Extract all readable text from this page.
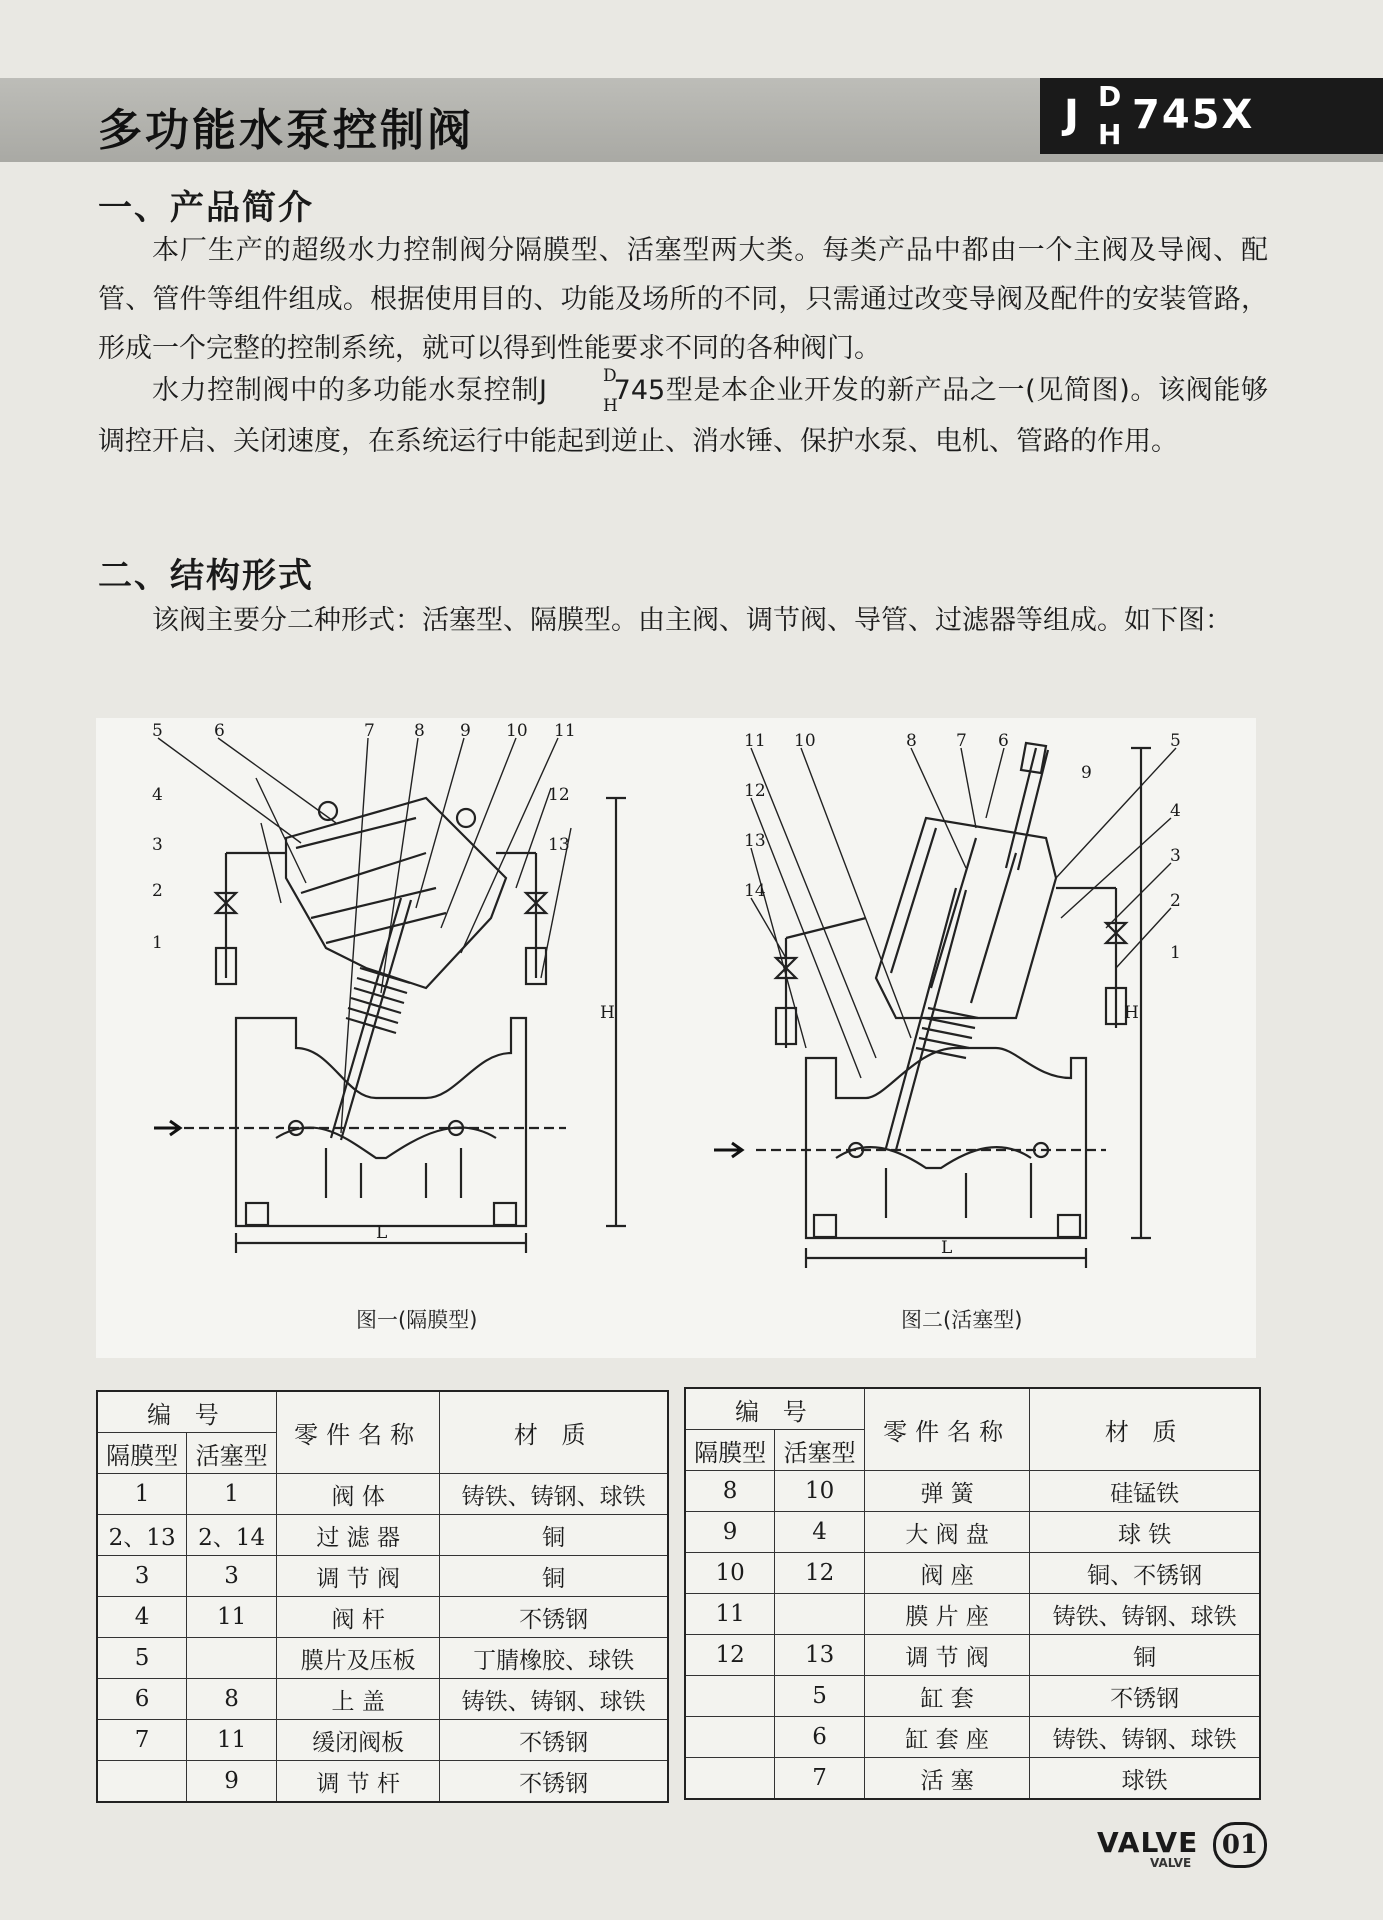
多功能水泵控制阀	J D
H 745X
一、产品简介

本厂生产的超级水力控制阀分隔膜型、活塞型两大类。每类产品中都由一个主阀及导阀、配管、管件等组件组成。根据使用目的、功能及场所的不同，只需通过改变导阀及配件的安装管路，形成一个完整的控制系统，就可以得到性能要求不同的各种阀门。

水力控制阀中的多功能水泵控制J	D
H
745型是本企业开发的新产品之一(见简图)。该阀能够调控开启、关闭速度，在系统运行中能起到逆止、消水锤、保护水泵、电机、管路的作用。

二、结构形式

该阀主要分二种形式：活塞型、隔膜型。由主阀、调节阀、导管、过滤器等组成。如下图：

5	6	7 8 9 10 11
4	12
3	13
2
1
L
H
11 10	8 7 6	5
12
9
4
13
3
14	2
1
L
H
图一(隔膜型)	图二(活塞型)
编 号		零件名称	材 质
隔膜型	活塞型		
1	1	阀 体	铸铁、铸钢、球铁
2、13	2、14	过 滤 器	铜
3	3	调 节 阀	铜
4	11	阀 杆	不锈钢
5		膜片及压板	丁腈橡胶、球铁
6	8	上 盖	铸铁、铸钢、球铁
7	11	缓闭阀板	不锈钢
	9	调 节 杆	不锈钢
编 号		零件名称	材 质
隔膜型	活塞型		
8	10	弹 簧	硅锰铁
9	4	大 阀 盘	球 铁
10	12	阀 座	铜、不锈钢
11		膜 片 座	铸铁、铸钢、球铁
12	13	调 节 阀	铜
	5	缸 套	不锈钢
	6	缸 套 座	铸铁、铸钢、球铁
	7	活 塞	球铁
VALVE
VALVE
01
